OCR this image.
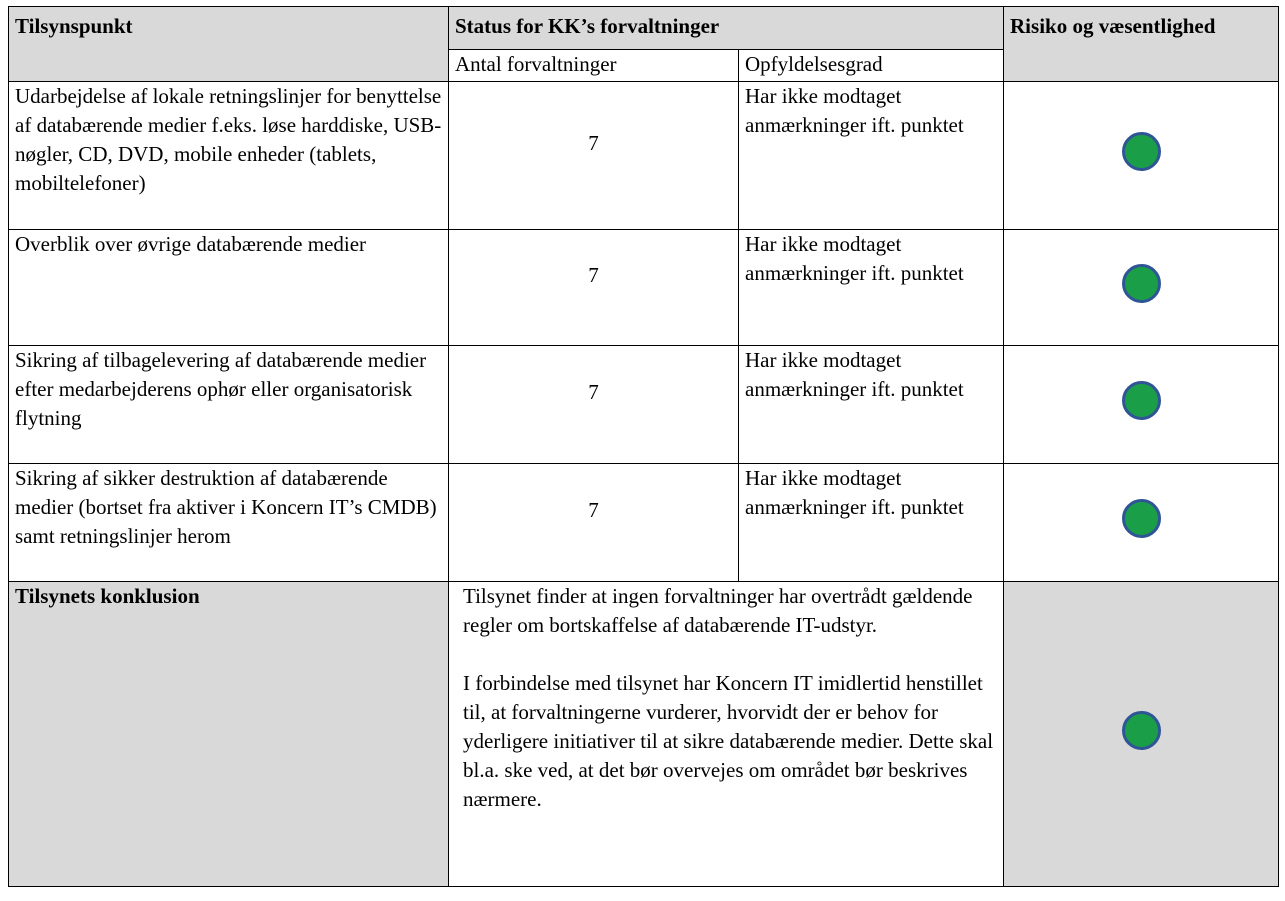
Tilsynspunkt	Status for KK’s forvaltninger		Risiko og væsentlighed
	Antal forvaltninger	Opfyldelsesgrad	
Udarbejdelse af lokale retningslinjer for benyttelse af databærende medier f.eks. løse harddiske, USB-nøgler, CD, DVD, mobile enheder (tablets, mobiltelefoner)	7	Har ikke modtaget anmærkninger ift. punktet	
Overblik over øvrige databærende medier	7	Har ikke modtaget anmærkninger ift. punktet	
Sikring af tilbagelevering af databærende medier efter medarbejderens ophør eller organisatorisk flytning	7	Har ikke modtaget anmærkninger ift. punktet	
Sikring af sikker destruktion af databærende medier (bortset fra aktiver i Koncern IT’s CMDB) samt retningslinjer herom	7	Har ikke modtaget anmærkninger ift. punktet	
Tilsynets konklusion	Tilsynet finder at ingen forvaltninger har overtrådt gældende regler om bortskaffelse af databærende IT-udstyr.

I forbindelse med tilsynet har Koncern IT imidlertid henstillet til, at forvaltningerne vurderer, hvorvidt der er behov for yderligere initiativer til at sikre databærende medier. Dette skal bl.a. ske ved, at det bør overvejes om området bør beskrives nærmere.		
